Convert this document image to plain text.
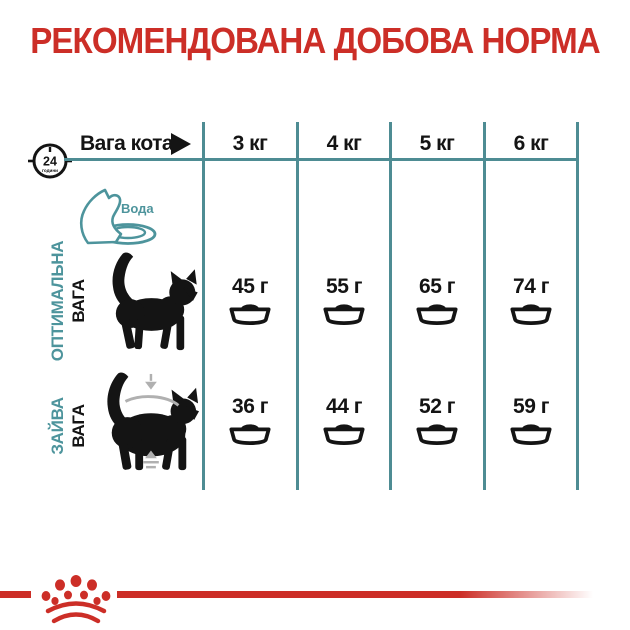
РЕКОМЕНДОВАНА ДОБОВА НОРМА
24
години
Вага кота	3 кг	4 кг	5 кг	6 кг
Вода
ОПТИМАЛЬНА ВАГА	45 г	55 г	65 г	74 г
ЗАЙВА ВАГА	36 г	44 г	52 г	59 г
